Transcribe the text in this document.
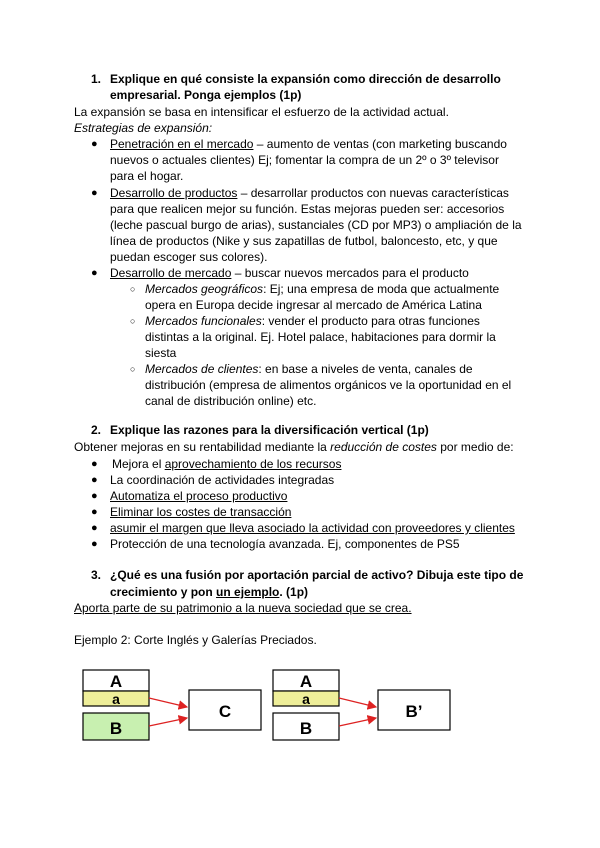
1. Explique en qué consiste la expansión como dirección de desarrollo
empresarial. Ponga ejemplos (1p)
La expansión se basa en intensificar el esfuerzo de la actividad actual.
Estrategias de expansión:
● Penetración en el mercado – aumento de ventas (con marketing buscando
nuevos o actuales clientes) Ej; fomentar la compra de un 2º o 3º televisor
para el hogar.
● Desarrollo de productos – desarrollar productos con nuevas características
para que realicen mejor su función. Estas mejoras pueden ser: accesorios
(leche pascual burgo de arias), sustanciales (CD por MP3) o ampliación de la
línea de productos (Nike y sus zapatillas de futbol, baloncesto, etc, y que
puedan escoger sus colores).
● Desarrollo de mercado – buscar nuevos mercados para el producto
○ Mercados geográficos: Ej; una empresa de moda que actualmente
opera en Europa decide ingresar al mercado de América Latina
○ Mercados funcionales: vender el producto para otras funciones
distintas a la original. Ej. Hotel palace, habitaciones para dormir la
siesta
○ Mercados de clientes: en base a niveles de venta, canales de
distribución (empresa de alimentos orgánicos ve la oportunidad en el
canal de distribución online) etc.
2. Explique las razones para la diversificación vertical (1p)
Obtener mejoras en su rentabilidad mediante la reducción de costes por medio de:
● Mejora el aprovechamiento de los recursos
● La coordinación de actividades integradas
● Automatiza el proceso productivo
● Eliminar los costes de transacción
● asumir el margen que lleva asociado la actividad con proveedores y clientes
● Protección de una tecnología avanzada. Ej, componentes de PS5
3. ¿Qué es una fusión por aportación parcial de activo? Dibuja este tipo de
crecimiento y pon un ejemplo. (1p)
Aporta parte de su patrimonio a la nueva sociedad que se crea.
Ejemplo 2: Corte Inglés y Galerías Preciados.
A
a
B
C
A
a
B
B’
